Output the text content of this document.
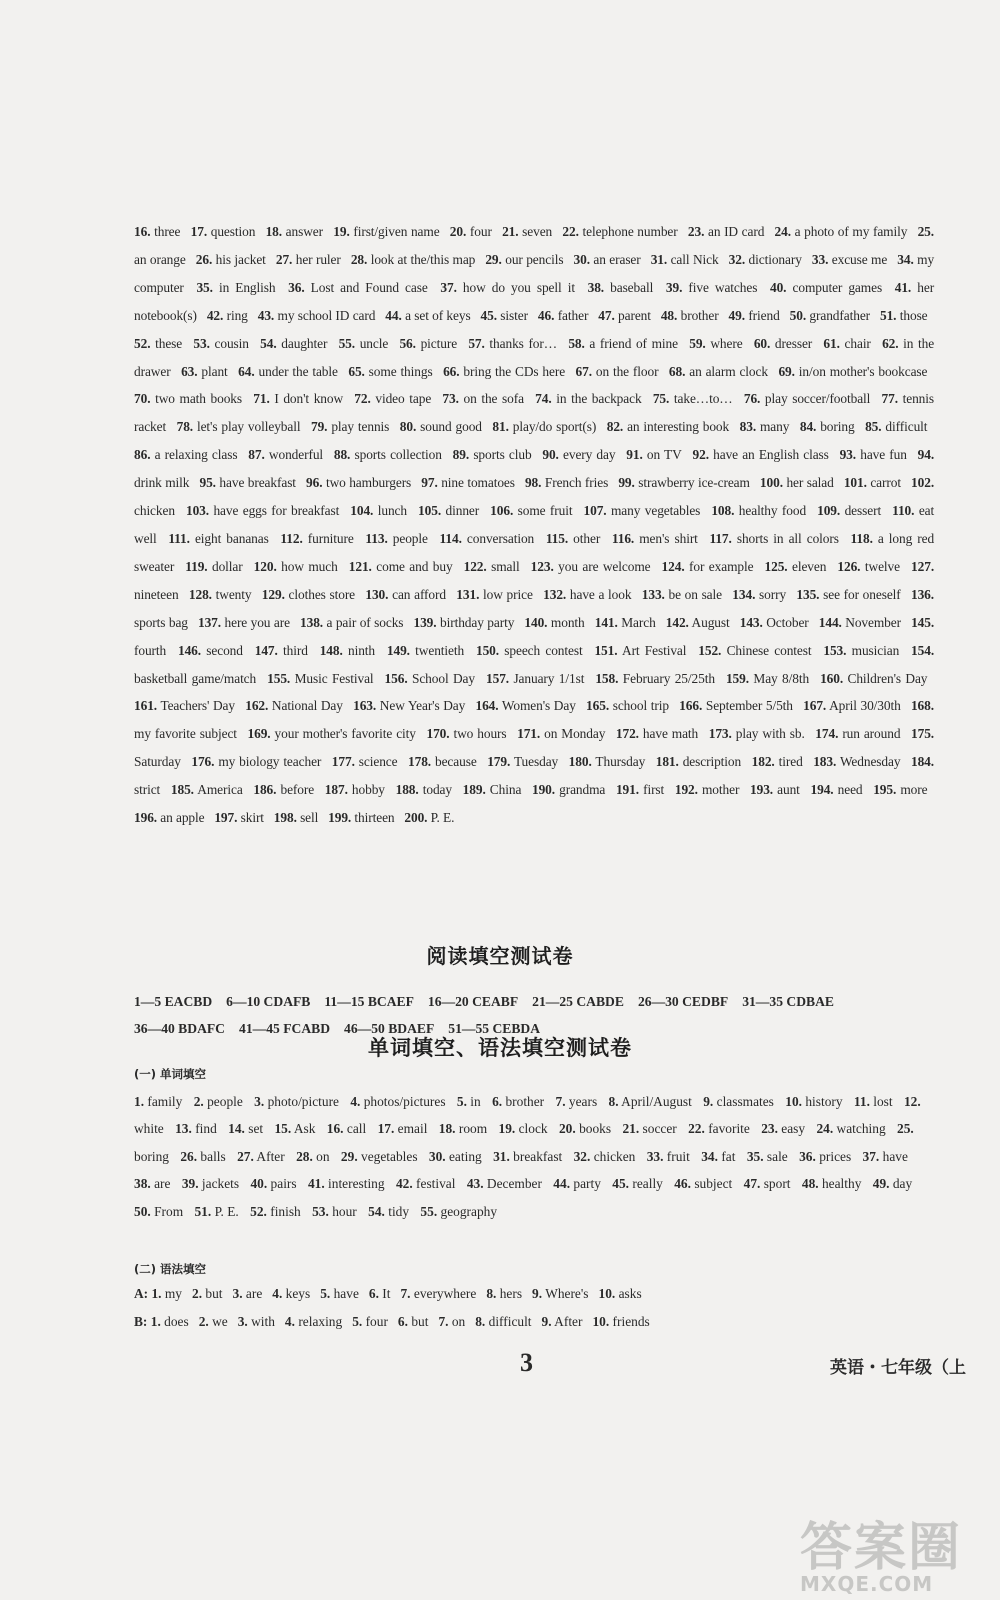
16. three  17. question  18. answer  19. first/given name  20. four  21. seven  22. telephone number  23. an ID card  24. a photo of my family  25. an orange  26. his jacket  27. her ruler  28. look at the/this map  29. our pencils  30. an eraser  31. call Nick  32. dictionary  33. excuse me  34. my computer  35. in English  36. Lost and Found case  37. how do you spell it  38. baseball  39. five watches  40. computer games  41. her notebook(s)  42. ring  43. my school ID card  44. a set of keys  45. sister  46. father  47. parent  48. brother  49. friend  50. grandfather  51. those  52. these  53. cousin  54. daughter  55. uncle  56. picture  57. thanks for…  58. a friend of mine  59. where  60. dresser  61. chair  62. in the drawer  63. plant  64. under the table  65. some things  66. bring the CDs here  67. on the floor  68. an alarm clock  69. in/on mother's bookcase  70. two math books  71. I don't know  72. video tape  73. on the sofa  74. in the backpack  75. take…to…  76. play soccer/football  77. tennis racket  78. let's play volleyball  79. play tennis  80. sound good  81. play/do sport(s)  82. an interesting book  83. many  84. boring  85. difficult  86. a relaxing class  87. wonderful  88. sports collection  89. sports club  90. every day  91. on TV  92. have an English class  93. have fun  94. drink milk  95. have breakfast  96. two hamburgers  97. nine tomatoes  98. French fries  99. strawberry ice-cream  100. her salad  101. carrot  102. chicken  103. have eggs for breakfast  104. lunch  105. dinner  106. some fruit  107. many vegetables  108. healthy food  109. dessert  110. eat well  111. eight bananas  112. furniture  113. people  114. conversation  115. other  116. men's shirt  117. shorts in all colors  118. a long red sweater  119. dollar  120. how much  121. come and buy  122. small  123. you are welcome  124. for example  125. eleven  126. twelve  127. nineteen  128. twenty  129. clothes store  130. can afford  131. low price  132. have a look  133. be on sale  134. sorry  135. see for oneself  136. sports bag  137. here you are  138. a pair of socks  139. birthday party  140. month  141. March  142. August  143. October  144. November  145. fourth  146. second  147. third  148. ninth  149. twentieth  150. speech contest  151. Art Festival  152. Chinese contest  153. musician  154. basketball game/match  155. Music Festival  156. School Day  157. January 1/1st  158. February 25/25th  159. May 8/8th  160. Children's Day  161. Teachers' Day  162. National Day  163. New Year's Day  164. Women's Day  165. school trip  166. September 5/5th  167. April 30/30th  168. my favorite subject  169. your mother's favorite city  170. two hours  171. on Monday  172. have math  173. play with sb.  174. run around  175. Saturday  176. my biology teacher  177. science  178. because  179. Tuesday  180. Thursday  181. description  182. tired  183. Wednesday  184. strict  185. America  186. before  187. hobby  188. today  189. China  190. grandma  191. first  192. mother  193. aunt  194. need  195. more  196. an apple  197. skirt  198. sell  199. thirteen  200. P. E. 
阅读填空测试卷
1—5 EACBD 6—10 CDAFB 11—15 BCAEF 16—20 CEABF 21—25 CABDE 26—30 CEDBF 31—35 CDBAE
36—40 BDAFC 41—45 FCABD 46—50 BDAEF 51—55 CEBDA
单词填空、语法填空测试卷
(一) 单词填空
1. family 2. people 3. photo/picture 4. photos/pictures 5. in 6. brother 7. years 8. April/August 9. classmates 10. history 11. lost 12. white 13. find 14. set 15. Ask 16. call 17. email 18. room 19. clock 20. books 21. soccer 22. favorite 23. easy 24. watching 25. boring 26. balls 27. After 28. on 29. vegetables 30. eating 31. breakfast 32. chicken 33. fruit 34. fat 35. sale 36. prices 37. have 38. are 39. jackets 40. pairs 41. interesting 42. festival 43. December 44. party 45. really 46. subject 47. sport 48. healthy 49. day 50. From 51. P. E. 52. finish 53. hour 54. tidy 55. geography
(二) 语法填空
A: 1. my 2. but 3. are 4. keys 5. have 6. It 7. everywhere 8. hers 9. Where's 10. asks
B: 1. does 2. we 3. with 4. relaxing 5. four 6. but 7. on 8. difficult 9. After 10. friends
3	英语・七年级（上
答案圈
MXQE.COM
